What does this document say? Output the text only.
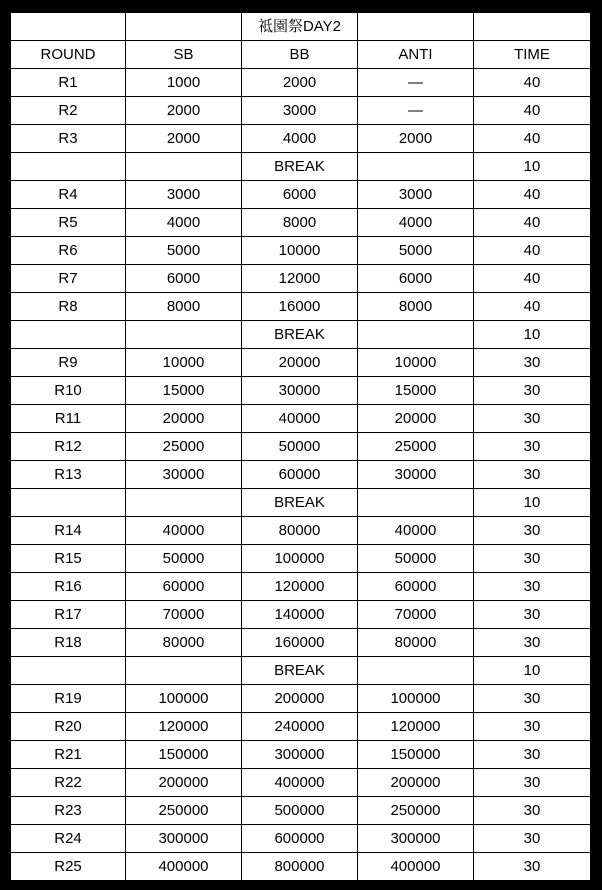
		祗園祭DAY2		
ROUND	SB	BB	ANTI	TIME
R1	1000	2000	—	40
R2	2000	3000	—	40
R3	2000	4000	2000	40
		BREAK		10
R4	3000	6000	3000	40
R5	4000	8000	4000	40
R6	5000	10000	5000	40
R7	6000	12000	6000	40
R8	8000	16000	8000	40
		BREAK		10
R9	10000	20000	10000	30
R10	15000	30000	15000	30
R11	20000	40000	20000	30
R12	25000	50000	25000	30
R13	30000	60000	30000	30
		BREAK		10
R14	40000	80000	40000	30
R15	50000	100000	50000	30
R16	60000	120000	60000	30
R17	70000	140000	70000	30
R18	80000	160000	80000	30
		BREAK		10
R19	100000	200000	100000	30
R20	120000	240000	120000	30
R21	150000	300000	150000	30
R22	200000	400000	200000	30
R23	250000	500000	250000	30
R24	300000	600000	300000	30
R25	400000	800000	400000	30
